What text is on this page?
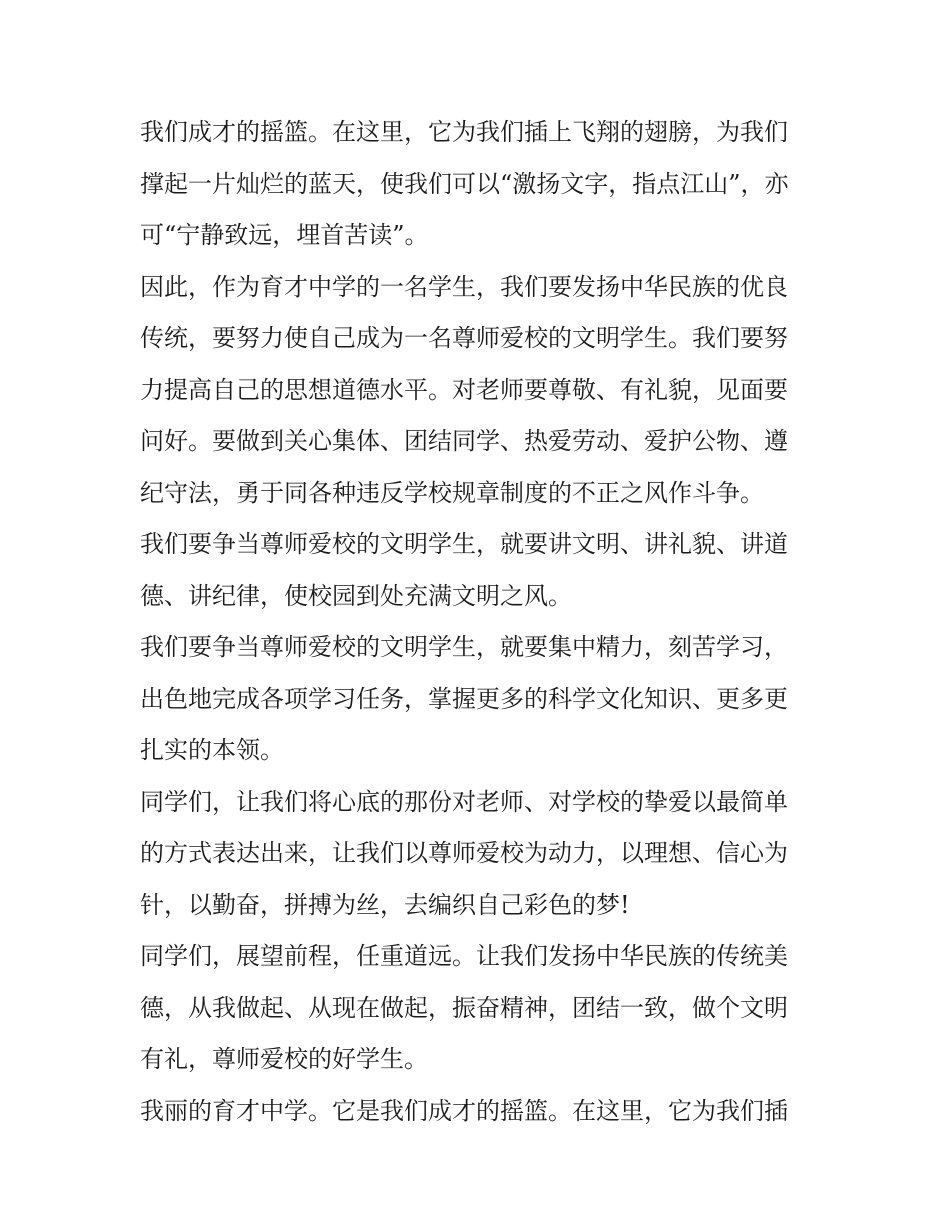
我们成才的摇篮。在这里，它为我们插上飞翔的翅膀，为我们
撑起一片灿烂的蓝天，使我们可以“激扬文字，指点江山”，亦
可“宁静致远，埋首苦读”。
因此，作为育才中学的一名学生，我们要发扬中华民族的优良
传统，要努力使自己成为一名尊师爱校的文明学生。我们要努
力提高自己的思想道德水平。对老师要尊敬、有礼貌，见面要
问好。要做到关心集体、团结同学、热爱劳动、爱护公物、遵
纪守法，勇于同各种违反学校规章制度的不正之风作斗争。
我们要争当尊师爱校的文明学生，就要讲文明、讲礼貌、讲道
德、讲纪律，使校园到处充满文明之风。
我们要争当尊师爱校的文明学生，就要集中精力，刻苦学习，
出色地完成各项学习任务，掌握更多的科学文化知识、更多更
扎实的本领。
同学们，让我们将心底的那份对老师、对学校的挚爱以最简单
的方式表达出来，让我们以尊师爱校为动力，以理想、信心为
针，以勤奋，拼搏为丝，去编织自己彩色的梦!
同学们，展望前程，任重道远。让我们发扬中华民族的传统美
德，从我做起、从现在做起，振奋精神，团结一致，做个文明
有礼，尊师爱校的好学生。
我丽的育才中学。它是我们成才的摇篮。在这里，它为我们插
